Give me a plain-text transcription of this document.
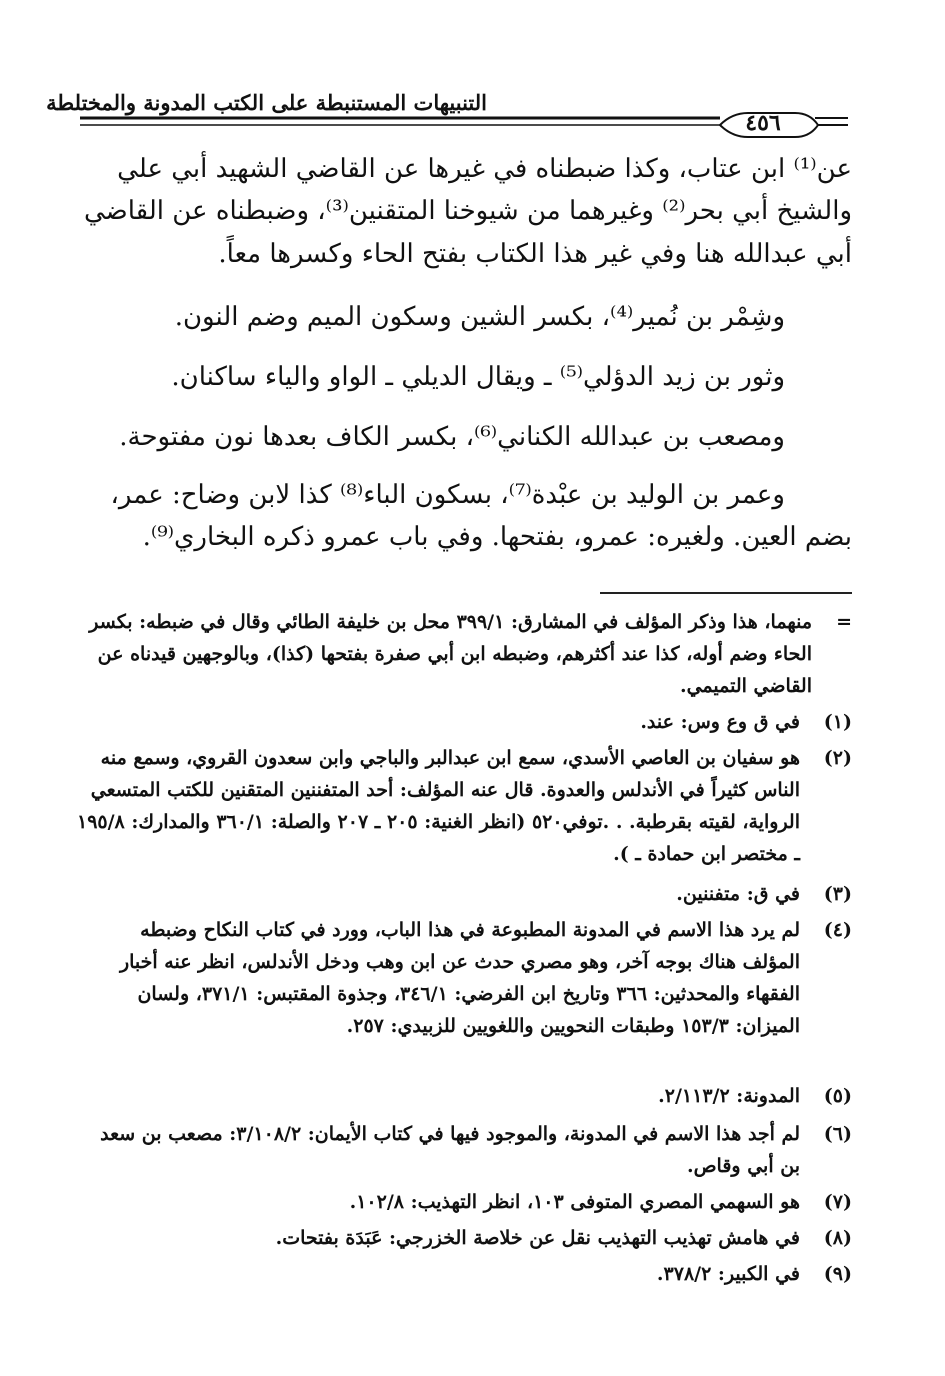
التنبيهات المستنبطة على الكتب المدونة والمختلطة
٤٥٦
عن⁽¹⁾ ابن عتاب، وكذا ضبطناه في غيرها عن القاضي الشهيد أبي علي
والشيخ أبي بحر⁽²⁾ وغيرهما من شيوخنا المتقنين⁽³⁾، وضبطناه عن القاضي
أبي عبدالله هنا وفي غير هذا الكتاب بفتح الحاء وكسرها معاً.
وشِمْر بن نُمير⁽⁴⁾، بكسر الشين وسكون الميم وضم النون.
وثور بن زيد الدؤلي⁽⁵⁾ ـ ويقال الديلي ـ الواو والياء ساكنان.
ومصعب بن عبدالله الكناني⁽⁶⁾، بكسر الكاف بعدها نون مفتوحة.
وعمر بن الوليد بن عبْدة⁽⁷⁾، بسكون الباء⁽⁸⁾ كذا لابن وضاح: عمر،
بضم العين. ولغيره: عمرو، بفتحها. وفي باب عمرو ذكره البخاري⁽⁹⁾.
=
منهما، هذا وذكر المؤلف في المشارق: ٣٩٩/١ محل بن خليفة الطائي وقال في ضبطه: بكسر الحاء وضم أوله، كذا عند أكثرهم، وضبطه ابن أبي صفرة بفتحها (كذا)، وبالوجهين قيدناه عن القاضي التميمي.
(١)
في ق وع وس: عند.
(٢)
هو سفيان بن العاصي الأسدي، سمع ابن عبدالبر والباجي وابن سعدون القروي، وسمع منه الناس كثيراً في الأندلس والعدوة. قال عنه المؤلف: أحد المتفننين المتقنين للكتب المتسعي الرواية، لقيته بقرطبة. . .توفي٥٢٠ (انظر الغنية: ٢٠٥ ـ ٢٠٧ والصلة: ٣٦٠/١ والمدارك: ١٩٥/٨ ـ مختصر ابن حمادة ـ ).
(٣)
في ق: متفننين.
(٤)
لم يرد هذا الاسم في المدونة المطبوعة في هذا الباب، وورد في كتاب النكاح وضبطه المؤلف هناك بوجه آخر، وهو مصري حدث عن ابن وهب ودخل الأندلس، انظر عنه أخبار الفقهاء والمحدثين: ٣٦٦ وتاريخ ابن الفرضي: ٣٤٦/١، وجذوة المقتبس: ٣٧١/١، ولسان الميزان: ١٥٣/٣ وطبقات النحويين واللغويين للزبيدي: ٢٥٧.
(٥)
المدونة: ٢/١١٣/٢.
(٦)
لم أجد هذا الاسم في المدونة، والموجود فيها في كتاب الأيمان: ٣/١٠٨/٢: مصعب بن سعد بن أبي وقاص.
(٧)
هو السهمي المصري المتوفى ١٠٣، انظر التهذيب: ١٠٢/٨.
(٨)
في هامش تهذيب التهذيب نقل عن خلاصة الخزرجي: عَبَدَة بفتحات.
(٩)
في الكبير: ٣٧٨/٢.
